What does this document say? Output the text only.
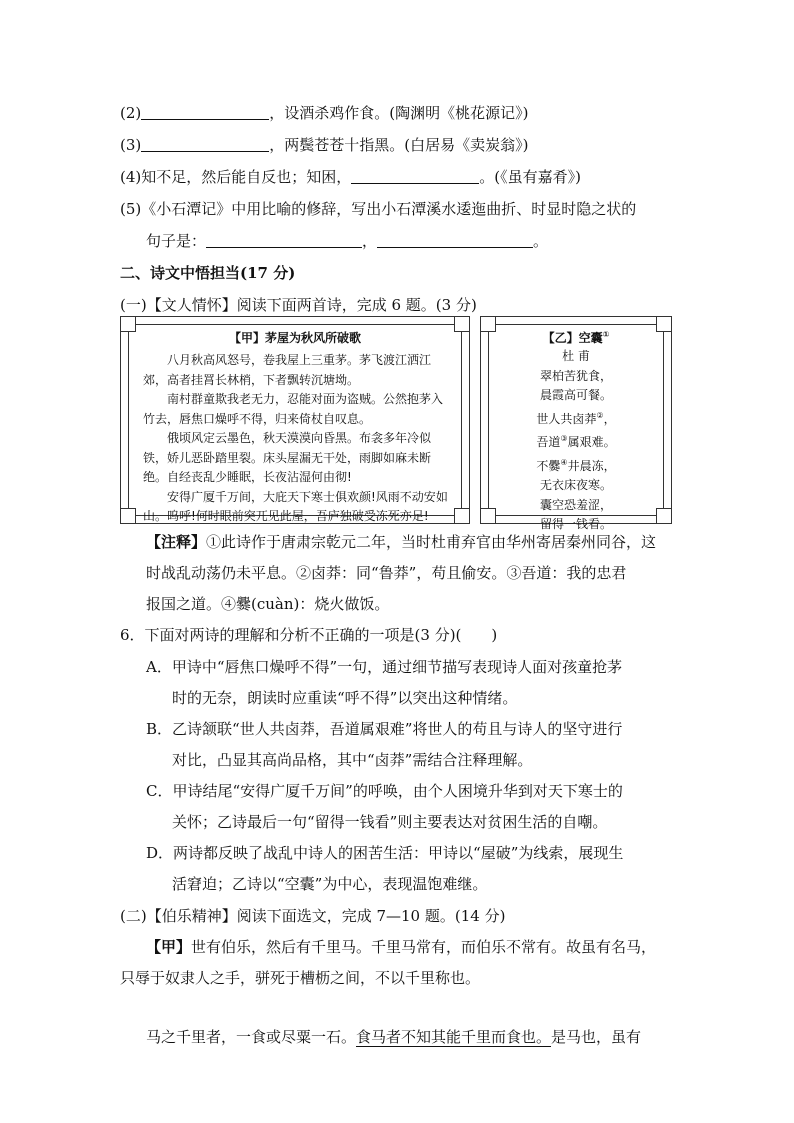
(2)	，设酒杀鸡作食。(陶渊明《桃花源记》)
(3)	，两鬓苍苍十指黑。(白居易《卖炭翁》)
(4)知不足，然后能自反也；知困，	。(《虽有嘉肴》)
(5)《小石潭记》中用比喻的修辞，写出小石潭溪水逶迤曲折、时显时隐之状的
句子是：	，	。
二、诗文中悟担当(17 分)
(一)【文人情怀】阅读下面两首诗，完成 6 题。(3 分)
【甲】茅屋为秋风所破歌

八月秋高风怒号，卷我屋上三重茅。茅飞渡江洒江郊，高者挂罥长林梢，下者飘转沉塘坳。

南村群童欺我老无力，忍能对面为盗贼。公然抱茅入竹去，唇焦口燥呼不得，归来倚杖自叹息。

俄顷风定云墨色，秋天漠漠向昏黑。布衾多年冷似铁，娇儿恶卧踏里裂。床头屋漏无干处，雨脚如麻未断绝。自经丧乱少睡眠，长夜沾湿何由彻!

安得广厦千万间，大庇天下寒士俱欢颜!风雨不动安如山。呜呼!何时眼前突兀见此屋，吾庐独破受冻死亦足!

【乙】空囊①
杜 甫
翠柏苦犹食，
晨霞高可餐。
世人共卤莽②，
吾道③属艰难。
不爨④井晨冻，
无衣床夜寒。
囊空恐羞涩，
留得一钱看。
【注释】①此诗作于唐肃宗乾元二年，当时杜甫弃官由华州寄居秦州同谷，这
时战乱动荡仍未平息。②卤莽：同“鲁莽”，苟且偷安。③吾道：我的忠君
报国之道。④爨(cuàn)：烧火做饭。
6．下面对两诗的理解和分析不正确的一项是(3 分)(　　)
A．甲诗中“唇焦口燥呼不得”一句，通过细节描写表现诗人面对孩童抢茅
时的无奈，朗读时应重读“呼不得”以突出这种情绪。
B．乙诗颔联“世人共卤莽，吾道属艰难”将世人的苟且与诗人的坚守进行
对比，凸显其高尚品格，其中“卤莽”需结合注释理解。
C．甲诗结尾“安得广厦千万间”的呼唤，由个人困境升华到对天下寒士的
关怀；乙诗最后一句“留得一钱看”则主要表达对贫困生活的自嘲。
D．两诗都反映了战乱中诗人的困苦生活：甲诗以“屋破”为线索，展现生
活窘迫；乙诗以“空囊”为中心，表现温饱难继。
(二)【伯乐精神】阅读下面选文，完成 7—10 题。(14 分)
【甲】世有伯乐，然后有千里马。千里马常有，而伯乐不常有。故虽有名马，
只辱于奴隶人之手，骈死于槽枥之间，不以千里称也。
马之千里者，一食或尽粟一石。食马者不知其能千里而食也。是马也，虽有
